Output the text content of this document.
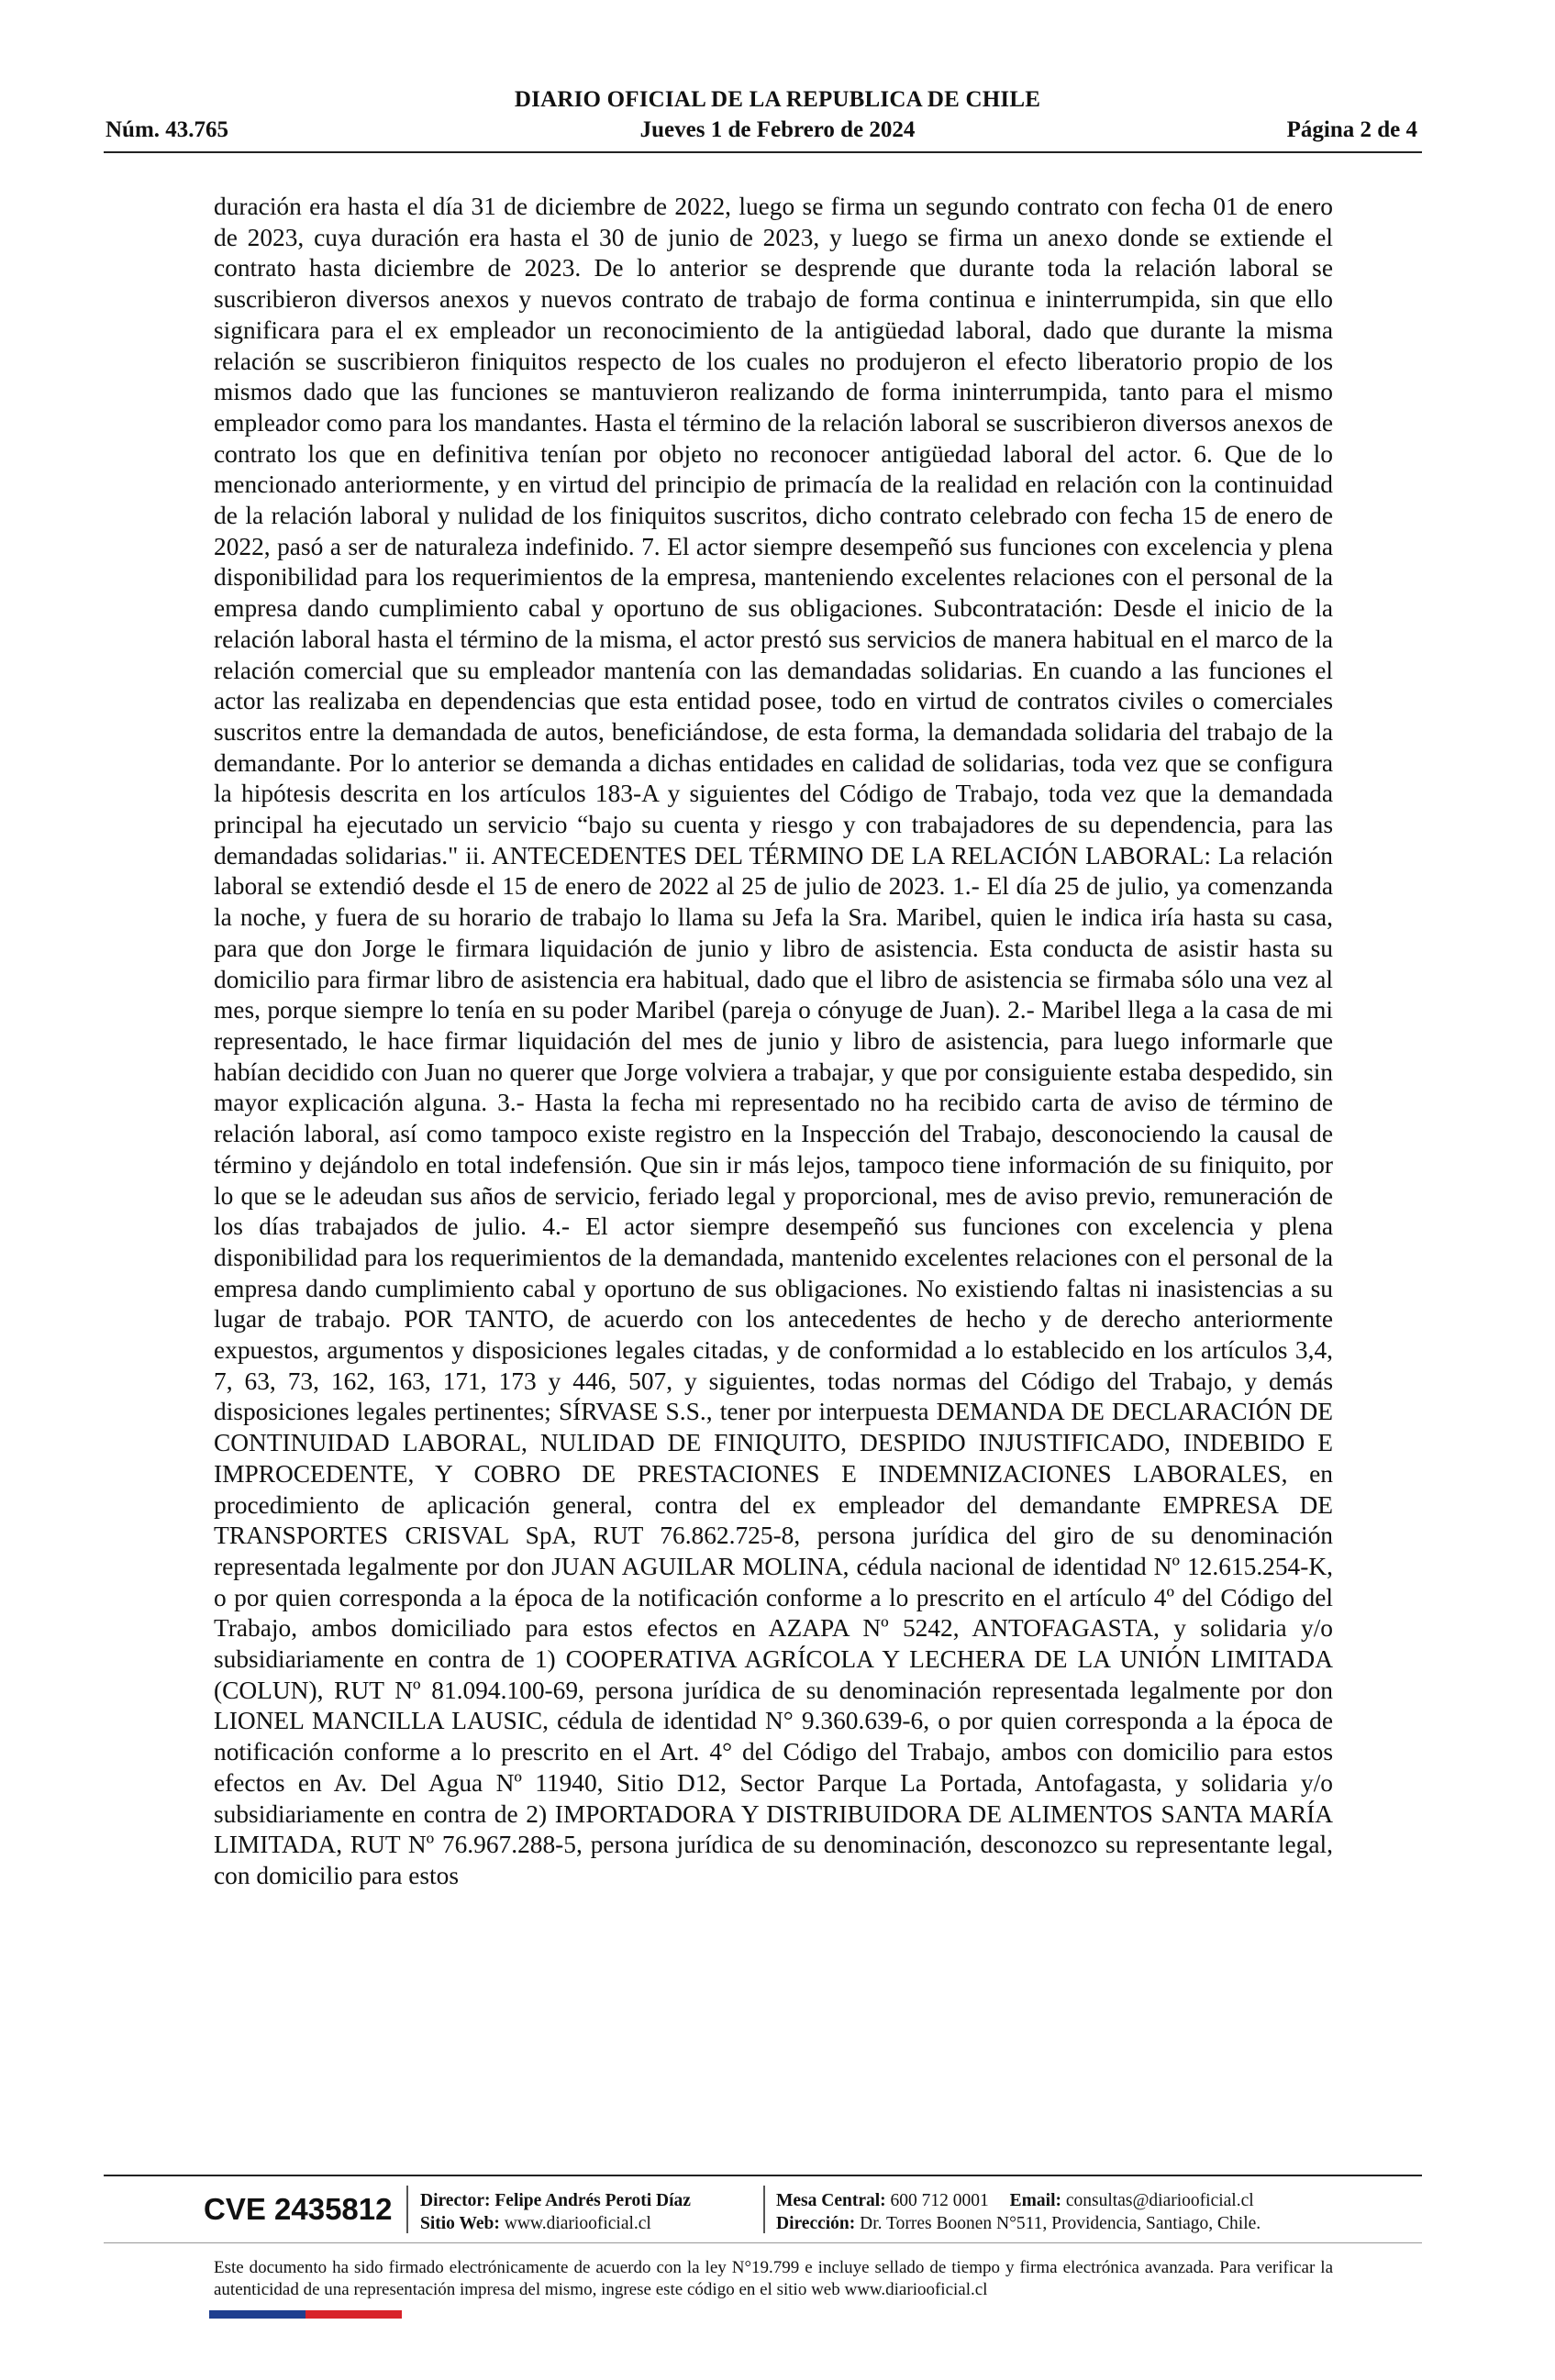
DIARIO OFICIAL DE LA REPUBLICA DE CHILE
Núm. 43.765	Jueves 1 de Febrero de 2024	Página 2 de 4

duración era hasta el día 31 de diciembre de 2022, luego se firma un segundo contrato con fecha 01 de enero de 2023, cuya duración era hasta el 30 de junio de 2023, y luego se firma un anexo donde se extiende el contrato hasta diciembre de 2023. De lo anterior se desprende que durante toda la relación laboral se suscribieron diversos anexos y nuevos contrato de trabajo de forma continua e ininterrumpida, sin que ello significara para el ex empleador un reconocimiento de la antigüedad laboral, dado que durante la misma relación se suscribieron finiquitos respecto de los cuales no produjeron el efecto liberatorio propio de los mismos dado que las funciones se mantuvieron realizando de forma ininterrumpida, tanto para el mismo empleador como para los mandantes. Hasta el término de la relación laboral se suscribieron diversos anexos de contrato los que en definitiva tenían por objeto no reconocer antigüedad laboral del actor. 6. Que de lo mencionado anteriormente, y en virtud del principio de primacía de la realidad en relación con la continuidad de la relación laboral y nulidad de los finiquitos suscritos, dicho contrato celebrado con fecha 15 de enero de 2022, pasó a ser de naturaleza indefinido. 7. El actor siempre desempeñó sus funciones con excelencia y plena disponibilidad para los requerimientos de la empresa, manteniendo excelentes relaciones con el personal de la empresa dando cumplimiento cabal y oportuno de sus obligaciones. Subcontratación: Desde el inicio de la relación laboral hasta el término de la misma, el actor prestó sus servicios de manera habitual en el marco de la relación comercial que su empleador mantenía con las demandadas solidarias. En cuando a las funciones el actor las realizaba en dependencias que esta entidad posee, todo en virtud de contratos civiles o comerciales suscritos entre la demandada de autos, beneficiándose, de esta forma, la demandada solidaria del trabajo de la demandante. Por lo anterior se demanda a dichas entidades en calidad de solidarias, toda vez que se configura la hipótesis descrita en los artículos 183-A y siguientes del Código de Trabajo, toda vez que la demandada principal ha ejecutado un servicio “bajo su cuenta y riesgo y con trabajadores de su dependencia, para las demandadas solidarias." ii. ANTECEDENTES DEL TÉRMINO DE LA RELACIÓN LABORAL: La relación laboral se extendió desde el 15 de enero de 2022 al 25 de julio de 2023. 1.- El día 25 de julio, ya comenzanda la noche, y fuera de su horario de trabajo lo llama su Jefa la Sra. Maribel, quien le indica iría hasta su casa, para que don Jorge le firmara liquidación de junio y libro de asistencia. Esta conducta de asistir hasta su domicilio para firmar libro de asistencia era habitual, dado que el libro de asistencia se firmaba sólo una vez al mes, porque siempre lo tenía en su poder Maribel (pareja o cónyuge de Juan). 2.- Maribel llega a la casa de mi representado, le hace firmar liquidación del mes de junio y libro de asistencia, para luego informarle que habían decidido con Juan no querer que Jorge volviera a trabajar, y que por consiguiente estaba despedido, sin mayor explicación alguna. 3.- Hasta la fecha mi representado no ha recibido carta de aviso de término de relación laboral, así como tampoco existe registro en la Inspección del Trabajo, desconociendo la causal de término y dejándolo en total indefensión. Que sin ir más lejos, tampoco tiene información de su finiquito, por lo que se le adeudan sus años de servicio, feriado legal y proporcional, mes de aviso previo, remuneración de los días trabajados de julio. 4.- El actor siempre desempeñó sus funciones con excelencia y plena disponibilidad para los requerimientos de la demandada, mantenido excelentes relaciones con el personal de la empresa dando cumplimiento cabal y oportuno de sus obligaciones. No existiendo faltas ni inasistencias a su lugar de trabajo. POR TANTO, de acuerdo con los antecedentes de hecho y de derecho anteriormente expuestos, argumentos y disposiciones legales citadas, y de conformidad a lo establecido en los artículos 3,4, 7, 63, 73, 162, 163, 171, 173 y 446, 507, y siguientes, todas normas del Código del Trabajo, y demás disposiciones legales pertinentes; SÍRVASE S.S., tener por interpuesta DEMANDA DE DECLARACIÓN DE CONTINUIDAD LABORAL, NULIDAD DE FINIQUITO, DESPIDO INJUSTIFICADO, INDEBIDO E IMPROCEDENTE, Y COBRO DE PRESTACIONES E INDEMNIZACIONES LABORALES, en procedimiento de aplicación general, contra del ex empleador del demandante EMPRESA DE TRANSPORTES CRISVAL SpA, RUT 76.862.725-8, persona jurídica del giro de su denominación representada legalmente por don JUAN AGUILAR MOLINA, cédula nacional de identidad Nº 12.615.254-K, o por quien corresponda a la época de la notificación conforme a lo prescrito en el artículo 4º del Código del Trabajo, ambos domiciliado para estos efectos en AZAPA Nº 5242, ANTOFAGASTA, y solidaria y/o subsidiariamente en contra de 1) COOPERATIVA AGRÍCOLA Y LECHERA DE LA UNIÓN LIMITADA (COLUN), RUT Nº 81.094.100-69, persona jurídica de su denominación representada legalmente por don LIONEL MANCILLA LAUSIC, cédula de identidad N° 9.360.639-6, o por quien corresponda a la época de notificación conforme a lo prescrito en el Art. 4° del Código del Trabajo, ambos con domicilio para estos efectos en Av. Del Agua Nº 11940, Sitio D12, Sector Parque La Portada, Antofagasta, y solidaria y/o subsidiariamente en contra de 2) IMPORTADORA Y DISTRIBUIDORA DE ALIMENTOS SANTA MARÍA LIMITADA, RUT Nº 76.967.288-5, persona jurídica de su denominación, desconozco su representante legal, con domicilio para estos

CVE 2435812 Director: Felipe Andrés Peroti Díaz
Sitio Web: www.diariooficial.cl
Mesa Central: 600 712 0001 Email: consultas@diariooficial.cl
Dirección: Dr. Torres Boonen N°511, Providencia, Santiago, Chile.
Este documento ha sido firmado electrónicamente de acuerdo con la ley N°19.799 e incluye sellado de tiempo y firma electrónica avanzada. Para verificar la autenticidad de una representación impresa del mismo, ingrese este código en el sitio web www.diariooficial.cl
